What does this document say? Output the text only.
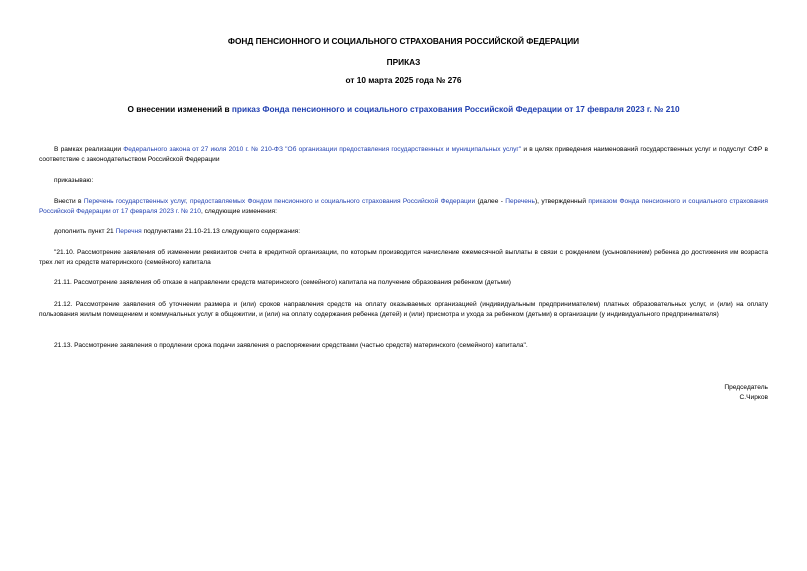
ФОНД ПЕНСИОННОГО И СОЦИАЛЬНОГО СТРАХОВАНИЯ РОССИЙСКОЙ ФЕДЕРАЦИИ
ПРИКАЗ
от 10 марта 2025 года № 276
О внесении изменений в приказ Фонда пенсионного и социального страхования Российской Федерации от 17 февраля 2023 г. № 210
В рамках реализации Федерального закона от 27 июля 2010 г. № 210-ФЗ "Об организации предоставления государственных и муниципальных услуг" и в целях приведения наименований государственных услуг и подуслуг СФР в соответствие с законодательством Российской Федерации
приказываю:
Внести в Перечень государственных услуг, предоставляемых Фондом пенсионного и социального страхования Российской Федерации (далее - Перечень), утвержденный приказом Фонда пенсионного и социального страхования Российской Федерации от 17 февраля 2023 г. № 210, следующие изменения:
дополнить пункт 21 Перечня подпунктами 21.10-21.13 следующего содержания:
"21.10. Рассмотрение заявления об изменении реквизитов счета в кредитной организации, по которым производится начисление ежемесячной выплаты в связи с рождением (усыновлением) ребенка до достижения им возраста трех лет из средств материнского (семейного) капитала
21.11. Рассмотрение заявления об отказе в направлении средств материнского (семейного) капитала на получение образования ребенком (детьми)
21.12. Рассмотрение заявления об уточнении размера и (или) сроков направления средств на оплату оказываемых организацией (индивидуальным предпринимателем) платных образовательных услуг, и (или) на оплату пользования жилым помещением и коммунальных услуг в общежитии, и (или) на оплату содержания ребенка (детей) и (или) присмотра и ухода за ребенком (детьми) в организации (у индивидуального предпринимателя)
21.13. Рассмотрение заявления о продлении срока подачи заявления о распоряжении средствами (частью средств) материнского (семейного) капитала".
Председатель
С.Чирков
